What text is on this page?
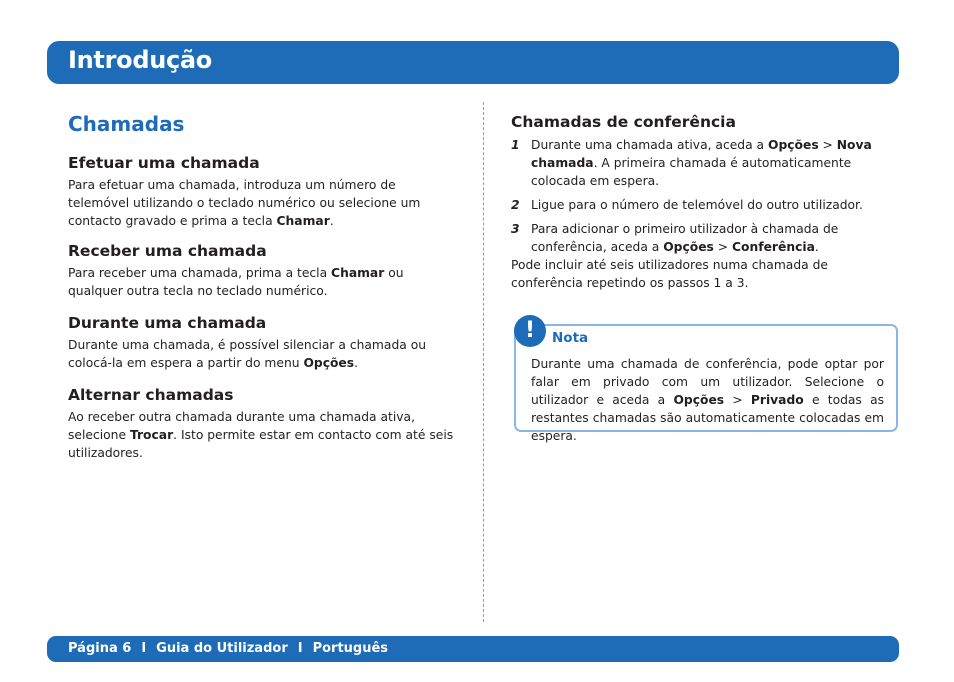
Introdução
Chamadas
Efetuar uma chamada

Para efetuar uma chamada, introduza um número de telemóvel utilizando o teclado numérico ou selecione um contacto gravado e prima a tecla Chamar.

Receber uma chamada

Para receber uma chamada, prima a tecla Chamar ou qualquer outra tecla no teclado numérico.

Durante uma chamada

Durante uma chamada, é possível silenciar a chamada ou colocá-la em espera a partir do menu Opções.

Alternar chamadas

Ao receber outra chamada durante uma chamada ativa, selecione Trocar. Isto permite estar em contacto com até seis utilizadores.

Chamadas de conferência
1 Durante uma chamada ativa, aceda a Opções > Nova chamada. A primeira chamada é automaticamente colocada em espera.
2 Ligue para o número de telemóvel do outro utilizador.
3 Para adicionar o primeiro utilizador à chamada de conferência, aceda a Opções > Conferência.

Pode incluir até seis utilizadores numa chamada de conferência repetindo os passos 1 a 3.

!	Nota

Durante uma chamada de conferência, pode optar por falar em privado com um utilizador. Selecione o utilizador e aceda a Opções > Privado e todas as restantes chamadas são automaticamente colocadas em espera.

Página 6 I Guia do Utilizador I Português
